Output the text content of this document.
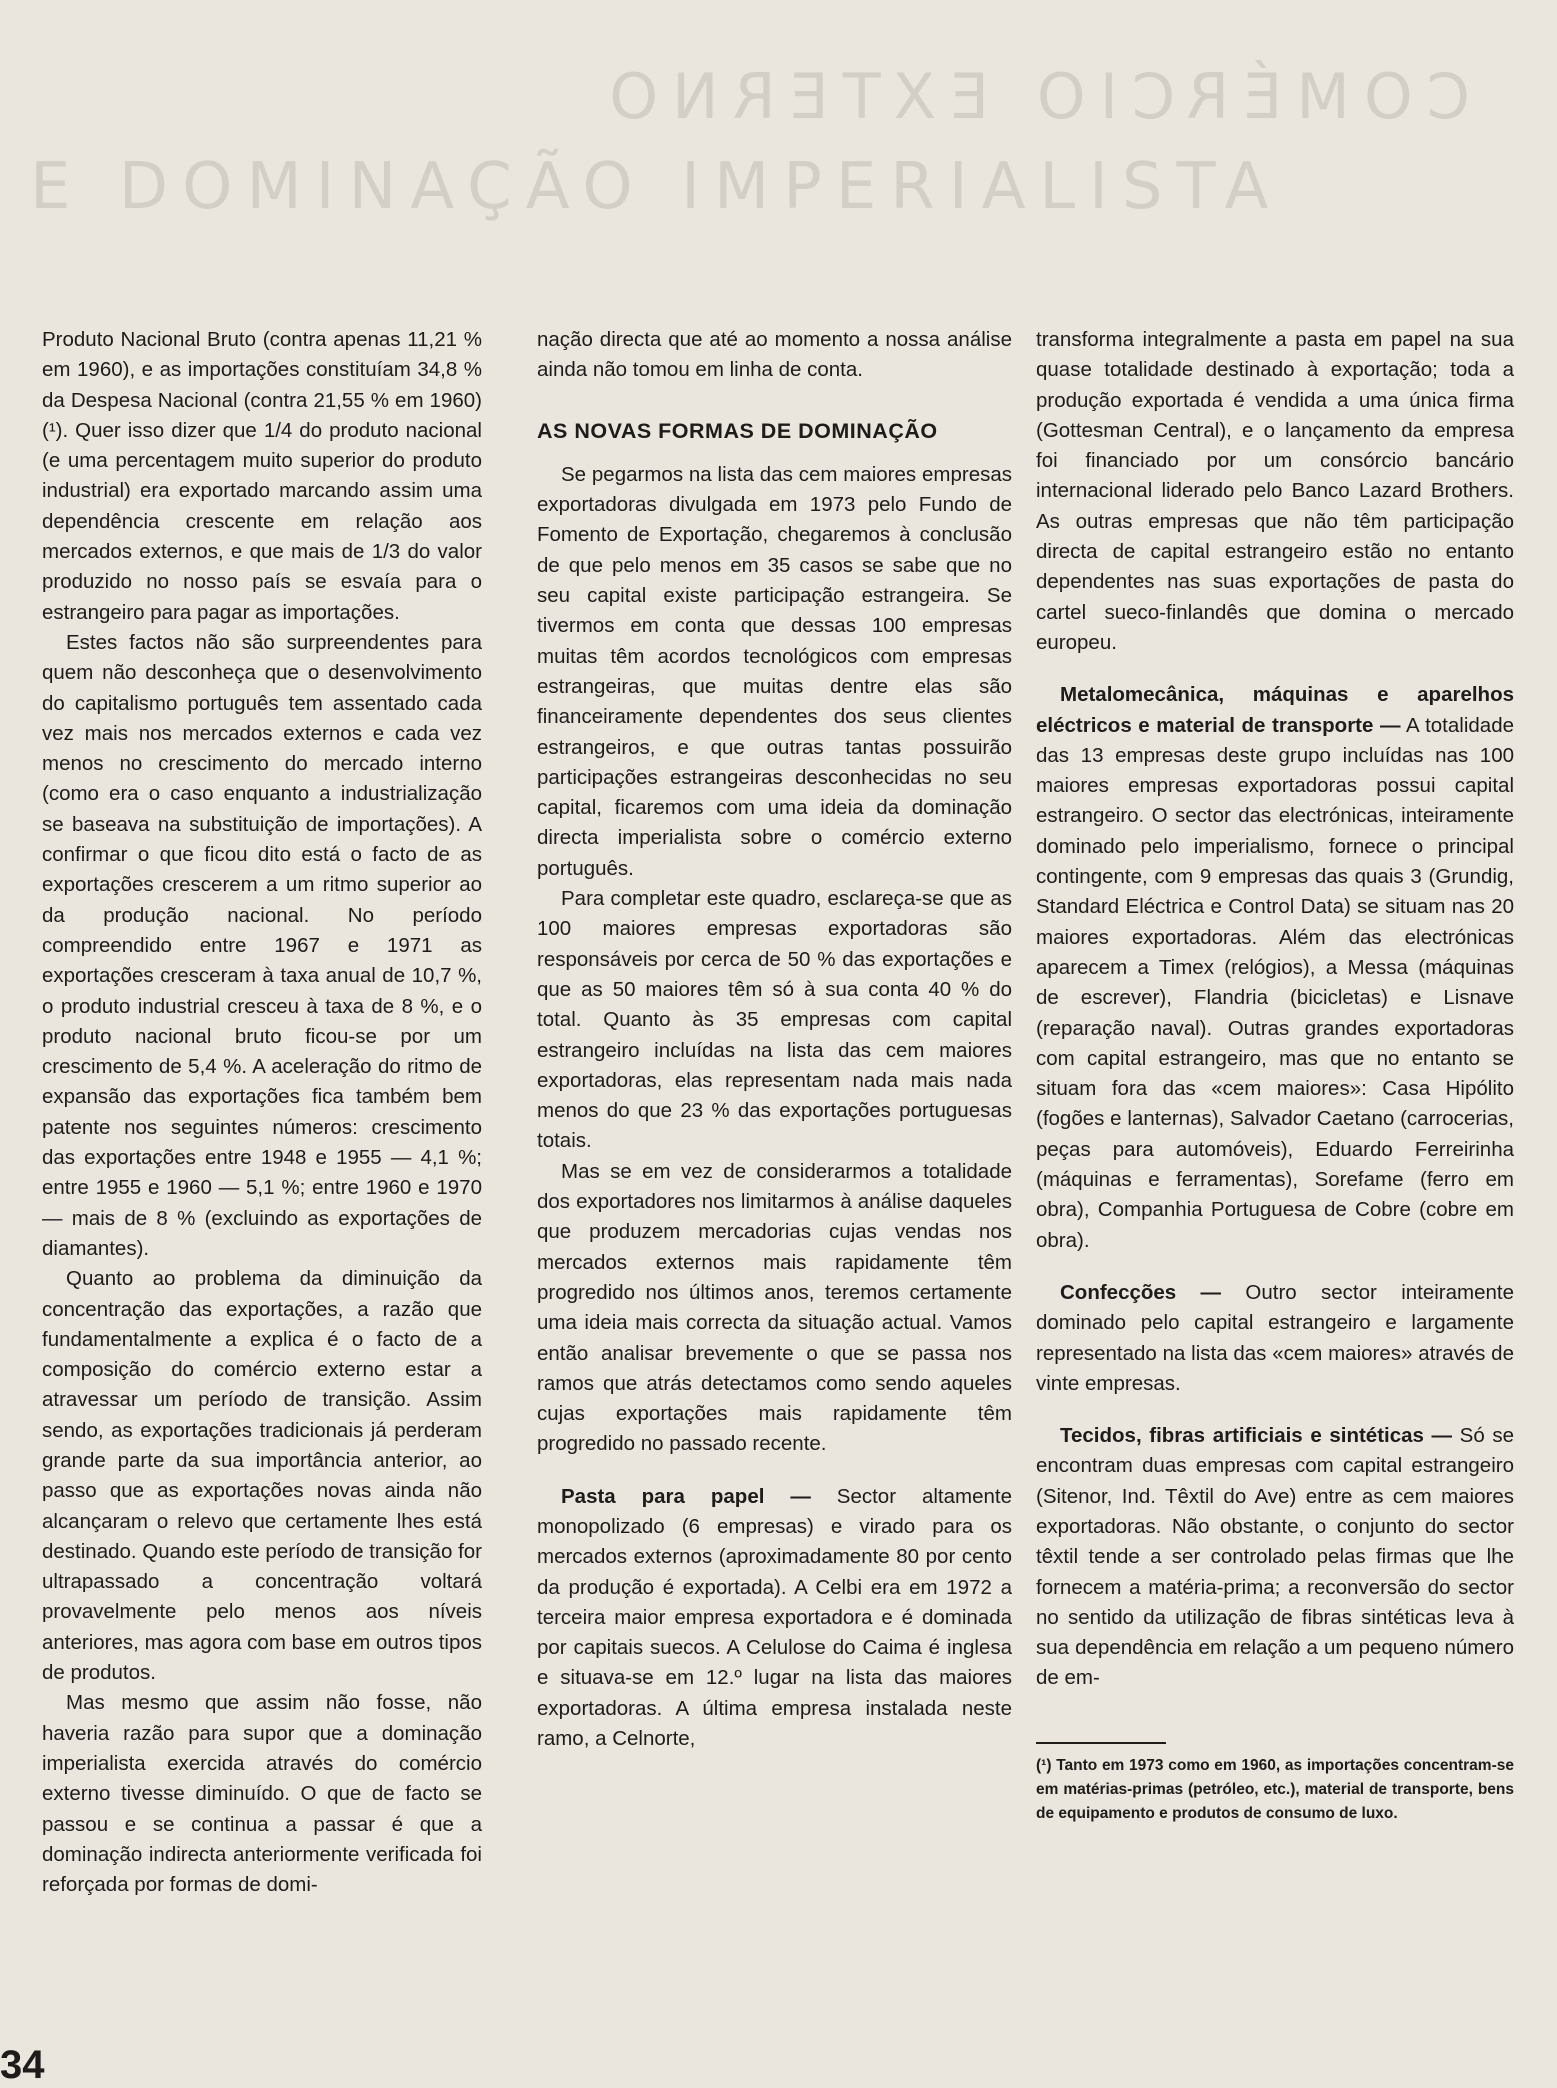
COMÉRCIO EXTERNO
E DOMINAÇÃO IMPERIALISTA

Produto Nacional Bruto (contra apenas 11,21 % em 1960), e as importações constituíam 34,8 % da Despesa Nacional (contra 21,55 % em 1960) (¹). Quer isso dizer que 1/4 do produto nacional (e uma percentagem muito superior do produto industrial) era exportado marcando assim uma dependência crescente em relação aos mercados externos, e que mais de 1/3 do valor produzido no nosso país se esvaía para o estrangeiro para pagar as importações.

Estes factos não são surpreendentes para quem não desconheça que o desenvolvimento do capitalismo português tem assentado cada vez mais nos mercados externos e cada vez menos no crescimento do mercado interno (como era o caso enquanto a industrialização se baseava na substituição de importações). A confirmar o que ficou dito está o facto de as exportações crescerem a um ritmo superior ao da produção nacional. No período compreendido entre 1967 e 1971 as exportações cresceram à taxa anual de 10,7 %, o produto industrial cresceu à taxa de 8 %, e o produto nacional bruto ficou-se por um crescimento de 5,4 %. A aceleração do ritmo de expansão das exportações fica também bem patente nos seguintes números: crescimento das exportações entre 1948 e 1955 — 4,1 %; entre 1955 e 1960 — 5,1 %; entre 1960 e 1970 — mais de 8 % (excluindo as exportações de diamantes).

Quanto ao problema da diminuição da concentração das exportações, a razão que fundamentalmente a explica é o facto de a composição do comércio externo estar a atravessar um período de transição. Assim sendo, as exportações tradicionais já perderam grande parte da sua importância anterior, ao passo que as exportações novas ainda não alcançaram o relevo que certamente lhes está destinado. Quando este período de transição for ultrapassado a concentração voltará provavelmente pelo menos aos níveis anteriores, mas agora com base em outros tipos de produtos.

Mas mesmo que assim não fosse, não haveria razão para supor que a dominação imperialista exercida através do comércio externo tivesse diminuído. O que de facto se passou e se continua a passar é que a dominação indirecta anteriormente verificada foi reforçada por formas de domi-

nação directa que até ao momento a nossa análise ainda não tomou em linha de conta.

AS NOVAS FORMAS DE DOMINAÇÃO

Se pegarmos na lista das cem maiores empresas exportadoras divulgada em 1973 pelo Fundo de Fomento de Exportação, chegaremos à conclusão de que pelo menos em 35 casos se sabe que no seu capital existe participação estrangeira. Se tivermos em conta que dessas 100 empresas muitas têm acordos tecnológicos com empresas estrangeiras, que muitas dentre elas são financeiramente dependentes dos seus clientes estrangeiros, e que outras tantas possuirão participações estrangeiras desconhecidas no seu capital, ficaremos com uma ideia da dominação directa imperialista sobre o comércio externo português.

Para completar este quadro, esclareça-se que as 100 maiores empresas exportadoras são responsáveis por cerca de 50 % das exportações e que as 50 maiores têm só à sua conta 40 % do total. Quanto às 35 empresas com capital estrangeiro incluídas na lista das cem maiores exportadoras, elas representam nada mais nada menos do que 23 % das exportações portuguesas totais.

Mas se em vez de considerarmos a totalidade dos exportadores nos limitarmos à análise daqueles que produzem mercadorias cujas vendas nos mercados externos mais rapidamente têm progredido nos últimos anos, teremos certamente uma ideia mais correcta da situação actual. Vamos então analisar brevemente o que se passa nos ramos que atrás detectamos como sendo aqueles cujas exportações mais rapidamente têm progredido no passado recente.

Pasta para papel — Sector altamente monopolizado (6 empresas) e virado para os mercados externos (aproximadamente 80 por cento da produção é exportada). A Celbi era em 1972 a terceira maior empresa exportadora e é dominada por capitais suecos. A Celulose do Caima é inglesa e situava-se em 12.º lugar na lista das maiores exportadoras. A última empresa instalada neste ramo, a Celnorte,

transforma integralmente a pasta em papel na sua quase totalidade destinado à exportação; toda a produção exportada é vendida a uma única firma (Gottesman Central), e o lançamento da empresa foi financiado por um consórcio bancário internacional liderado pelo Banco Lazard Brothers. As outras empresas que não têm participação directa de capital estrangeiro estão no entanto dependentes nas suas exportações de pasta do cartel sueco-finlandês que domina o mercado europeu.

Metalomecânica, máquinas e aparelhos eléctricos e material de transporte — A totalidade das 13 empresas deste grupo incluídas nas 100 maiores empresas exportadoras possui capital estrangeiro. O sector das electrónicas, inteiramente dominado pelo imperialismo, fornece o principal contingente, com 9 empresas das quais 3 (Grundig, Standard Eléctrica e Control Data) se situam nas 20 maiores exportadoras. Além das electrónicas aparecem a Timex (relógios), a Messa (máquinas de escrever), Flandria (bicicletas) e Lisnave (reparação naval). Outras grandes exportadoras com capital estrangeiro, mas que no entanto se situam fora das «cem maiores»: Casa Hipólito (fogões e lanternas), Salvador Caetano (carrocerias, peças para automóveis), Eduardo Ferreirinha (máquinas e ferramentas), Sorefame (ferro em obra), Companhia Portuguesa de Cobre (cobre em obra).

Confecções — Outro sector inteiramente dominado pelo capital estrangeiro e largamente representado na lista das «cem maiores» através de vinte empresas.

Tecidos, fibras artificiais e sintéticas — Só se encontram duas empresas com capital estrangeiro (Sitenor, Ind. Têxtil do Ave) entre as cem maiores exportadoras. Não obstante, o conjunto do sector têxtil tende a ser controlado pelas firmas que lhe fornecem a matéria-prima; a reconversão do sector no sentido da utilização de fibras sintéticas leva à sua dependência em relação a um pequeno número de em-

(¹) Tanto em 1973 como em 1960, as importações concentram-se em matérias-primas (petróleo, etc.), material de transporte, bens de equipamento e produtos de consumo de luxo.

34
